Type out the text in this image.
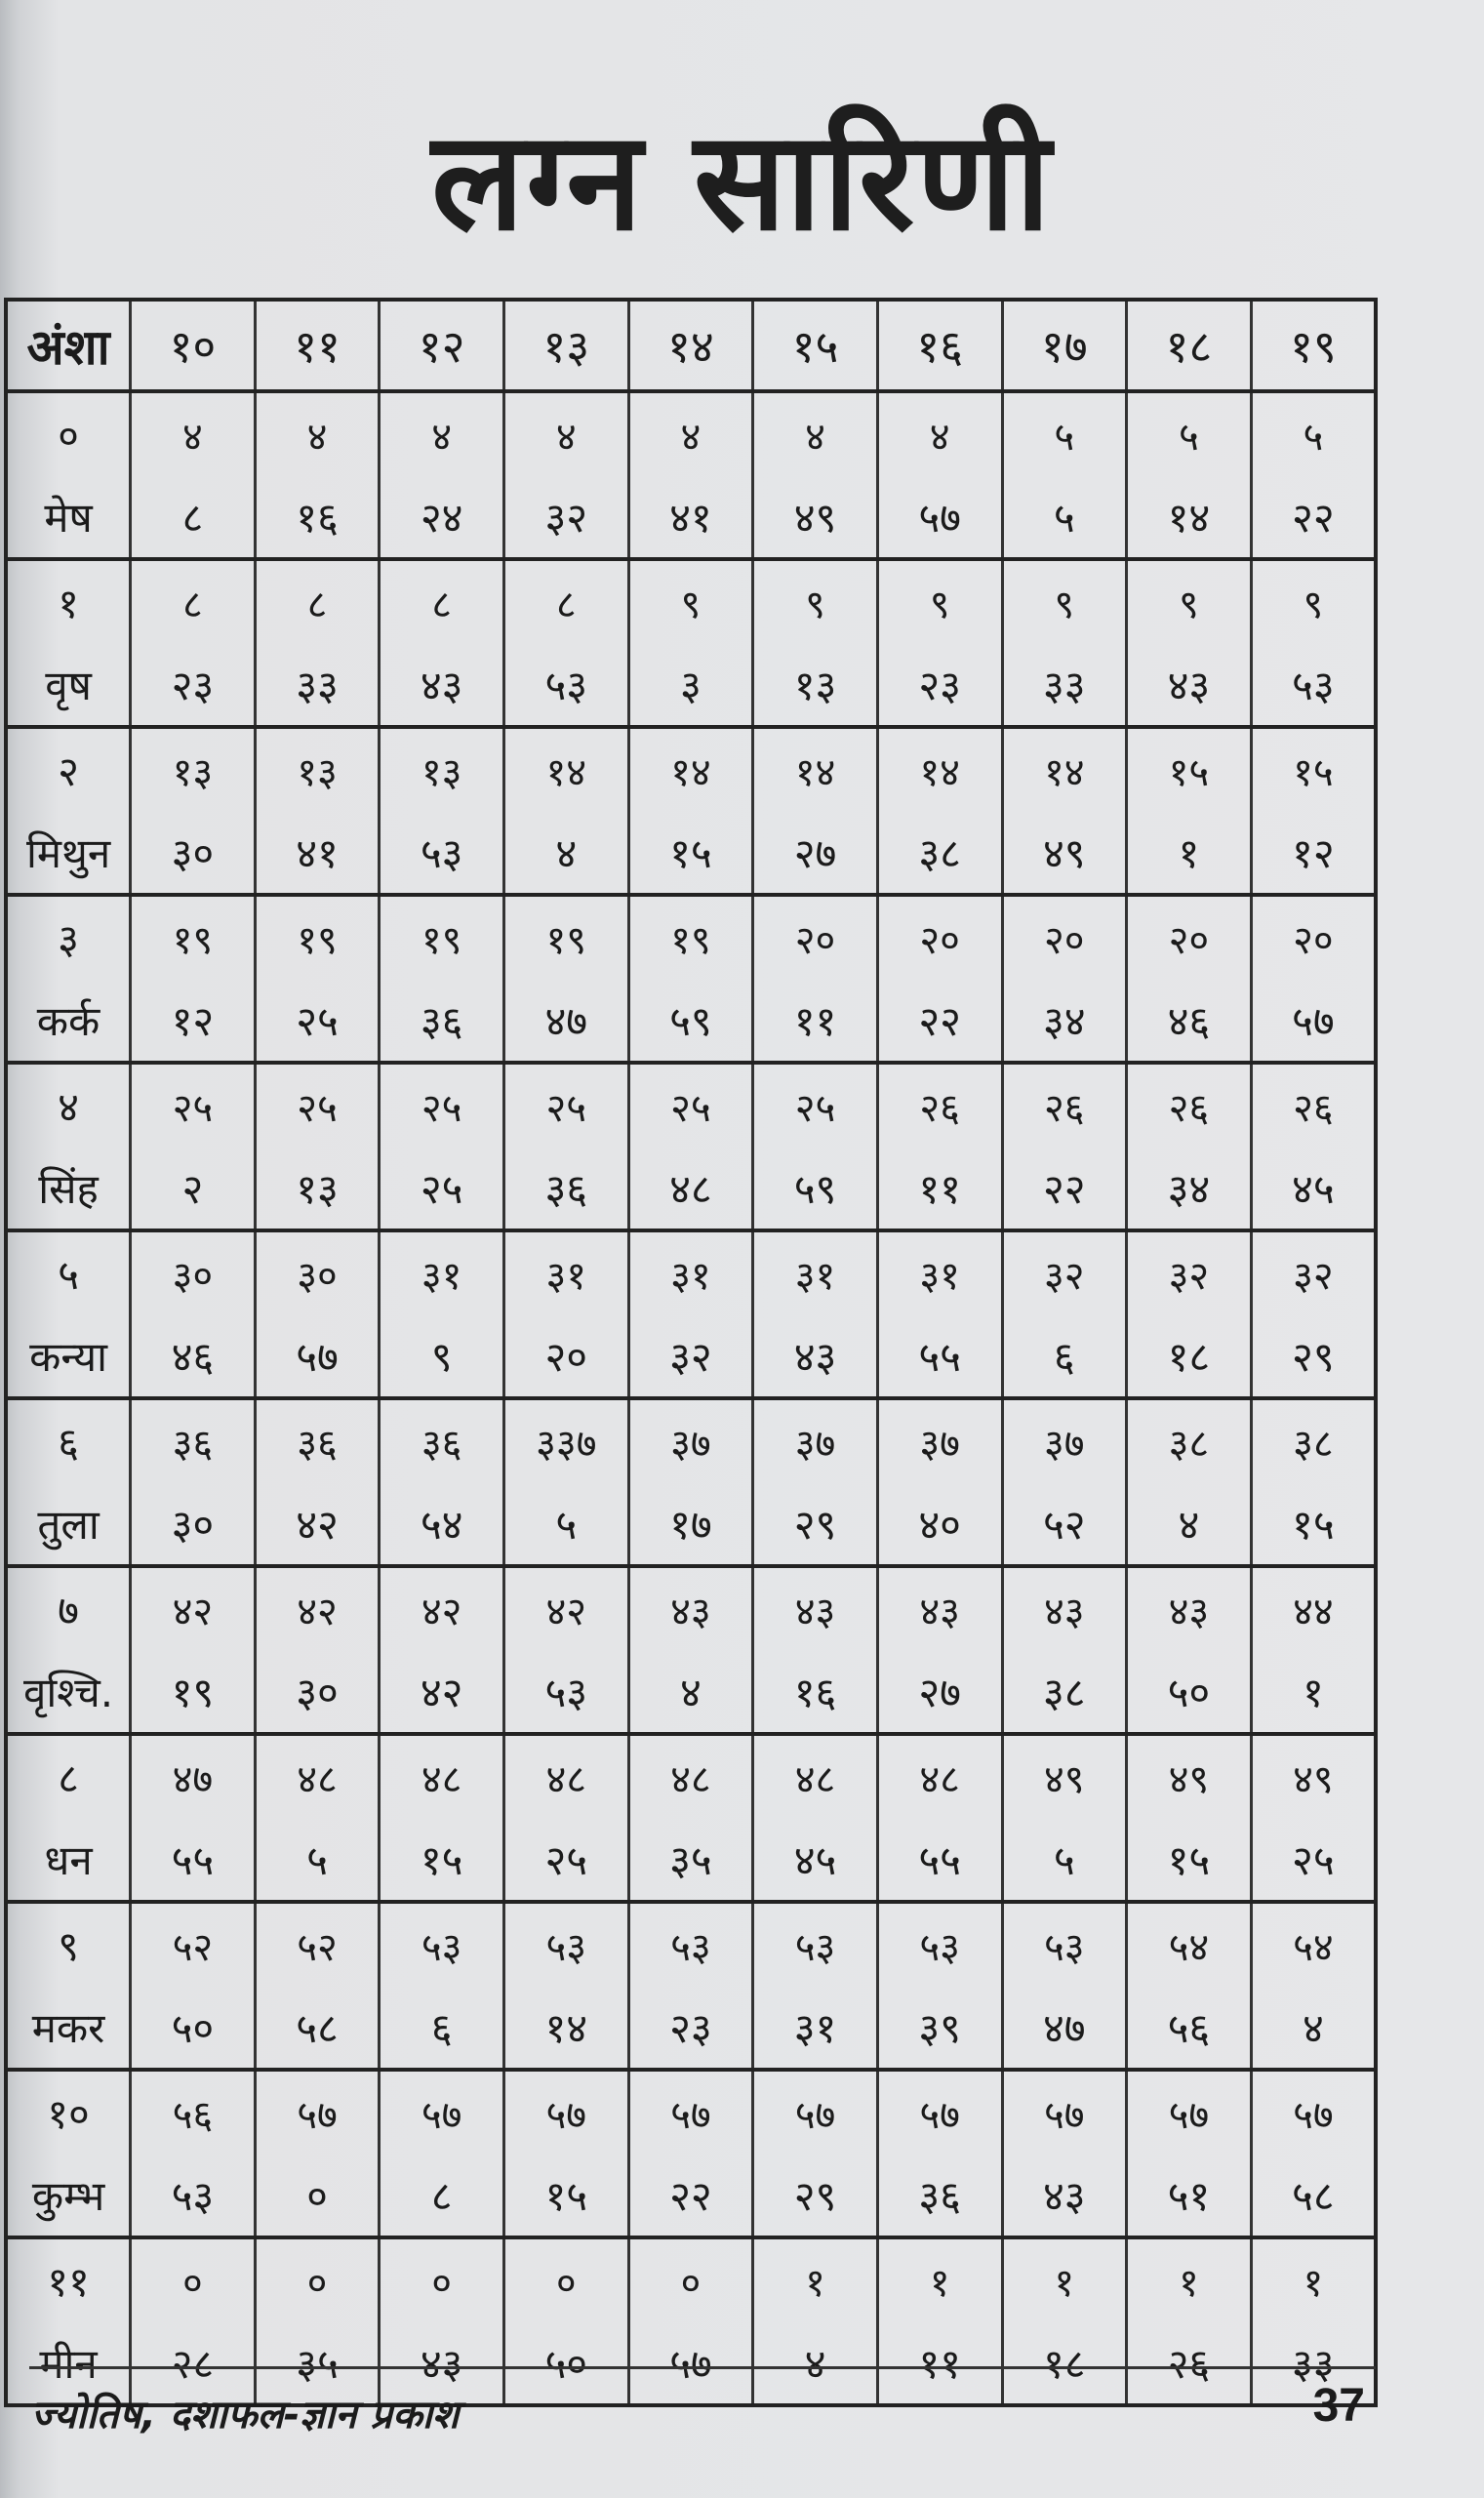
लग्न सारिणी
अंशा	१०	११	१२	१३	१४	१५	१६	१७	१८	१९
०	४	४	४	४	४	४	४	५	५	५
मेष	८	१६	२४	३२	४१	४९	५७	५	१४	२२
१	८	८	८	८	९	९	९	९	९	९
वृष	२३	३३	४३	५३	३	१३	२३	३३	४३	५३
२	१३	१३	१३	१४	१४	१४	१४	१४	१५	१५
मिथुन	३०	४१	५३	४	१५	२७	३८	४९	१	१२
३	१९	१९	१९	१९	१९	२०	२०	२०	२०	२०
कर्क	१२	२५	३६	४७	५९	११	२२	३४	४६	५७
४	२५	२५	२५	२५	२५	२५	२६	२६	२६	२६
सिंह	२	१३	२५	३६	४८	५९	११	२२	३४	४५
५	३०	३०	३१	३१	३१	३१	३१	३२	३२	३२
कन्या	४६	५७	९	२०	३२	४३	५५	६	१८	२९
६	३६	३६	३६	३३७	३७	३७	३७	३७	३८	३८
तुला	३०	४२	५४	५	१७	२९	४०	५२	४	१५
७	४२	४२	४२	४२	४३	४३	४३	४३	४३	४४
वृश्चि.	१९	३०	४२	५३	४	१६	२७	३८	५०	१
८	४७	४८	४८	४८	४८	४८	४८	४९	४९	४९
धन	५५	५	१५	२५	३५	४५	५५	५	१५	२५
९	५२	५२	५३	५३	५३	५३	५३	५३	५४	५४
मकर	५०	५८	६	१४	२३	३१	३९	४७	५६	४
१०	५६	५७	५७	५७	५७	५७	५७	५७	५७	५७
कुम्भ	५३	०	८	१५	२२	२९	३६	४३	५१	५८
११	०	०	०	०	०	१	१	१	१	१
मीन	२८	३५	४३	५०	५७	४	११	१८	२६	३३
ज्योतिष, दशाफल-ज्ञान प्रकाश	37
